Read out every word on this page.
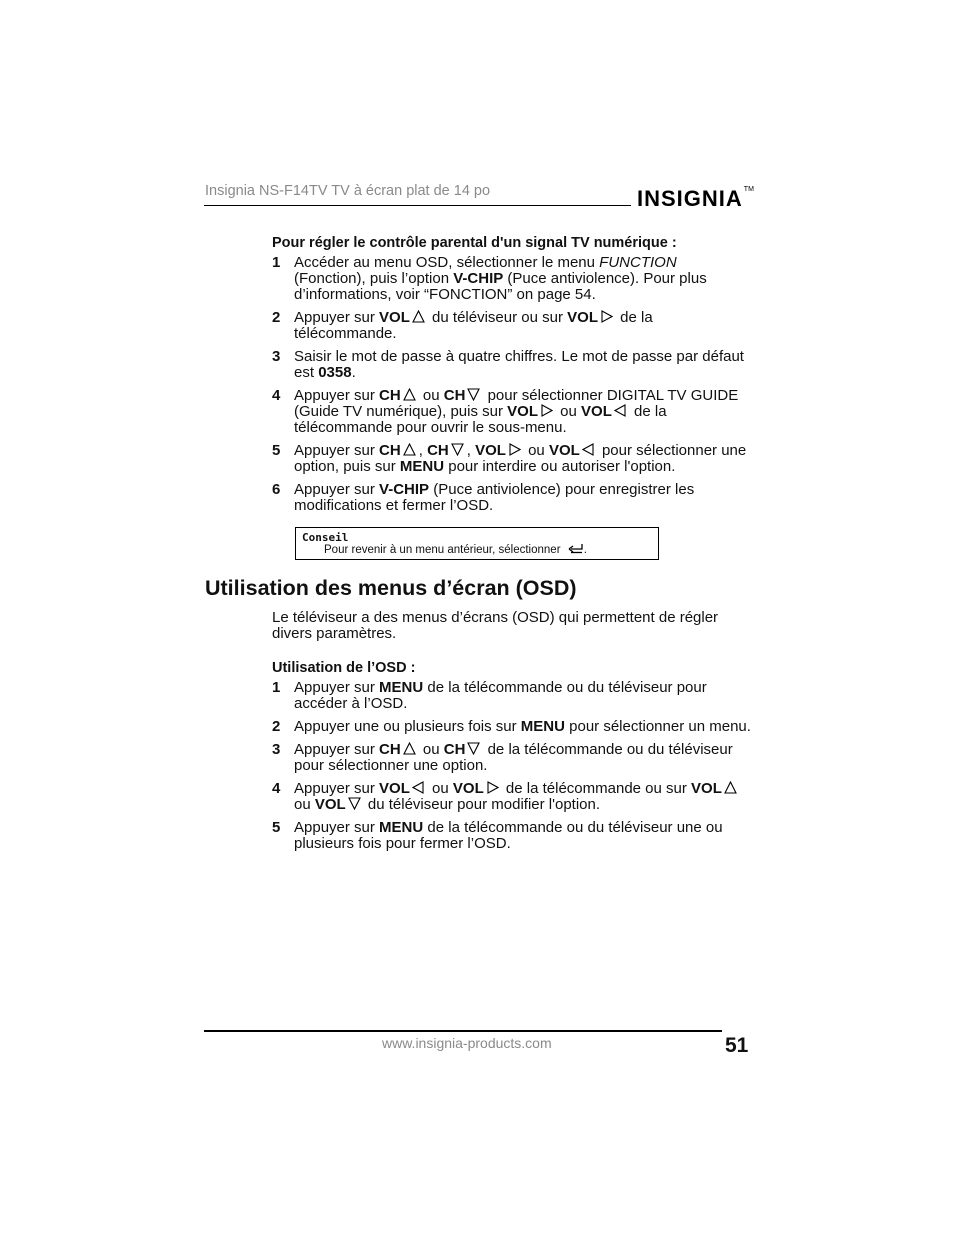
Insignia NS-F14TV TV à écran plat de 14 po	INSIGNIA™
Pour régler le contrôle parental d'un signal TV numérique :
1 Accéder au menu OSD, sélectionner le menu FUNCTION (Fonction), puis l’option V-CHIP (Puce antiviolence). Pour plus d’informations, voir “FONCTION” on page 54.
2 Appuyer sur VOL du téléviseur ou sur VOL de la télécommande.
3 Saisir le mot de passe à quatre chiffres. Le mot de passe par défaut est 0358.
4 Appuyer sur CH ou CH pour sélectionner DIGITAL TV GUIDE (Guide TV numérique), puis sur VOL ou VOL de la télécommande pour ouvrir le sous-menu.
5 Appuyer sur CH , CH , VOL ou VOL pour sélectionner une option, puis sur MENU pour interdire ou autoriser l'option.
6 Appuyer sur V-CHIP (Puce antiviolence) pour enregistrer les modifications et fermer l’OSD.
Conseil
Pour revenir à un menu antérieur, sélectionner .
Utilisation des menus d’écran (OSD)
Le téléviseur a des menus d’écrans (OSD) qui permettent de régler divers paramètres.
Utilisation de l’OSD :
1 Appuyer sur MENU de la télécommande ou du téléviseur pour accéder à l’OSD.
2 Appuyer une ou plusieurs fois sur MENU pour sélectionner un menu.
3 Appuyer sur CH ou CH de la télécommande ou du téléviseur pour sélectionner une option.
4 Appuyer sur VOL ou VOL de la télécommande ou sur VOL ou VOL du téléviseur pour modifier l'option.
5 Appuyer sur MENU de la télécommande ou du téléviseur une ou plusieurs fois pour fermer l’OSD.
www.insignia-products.com	51
